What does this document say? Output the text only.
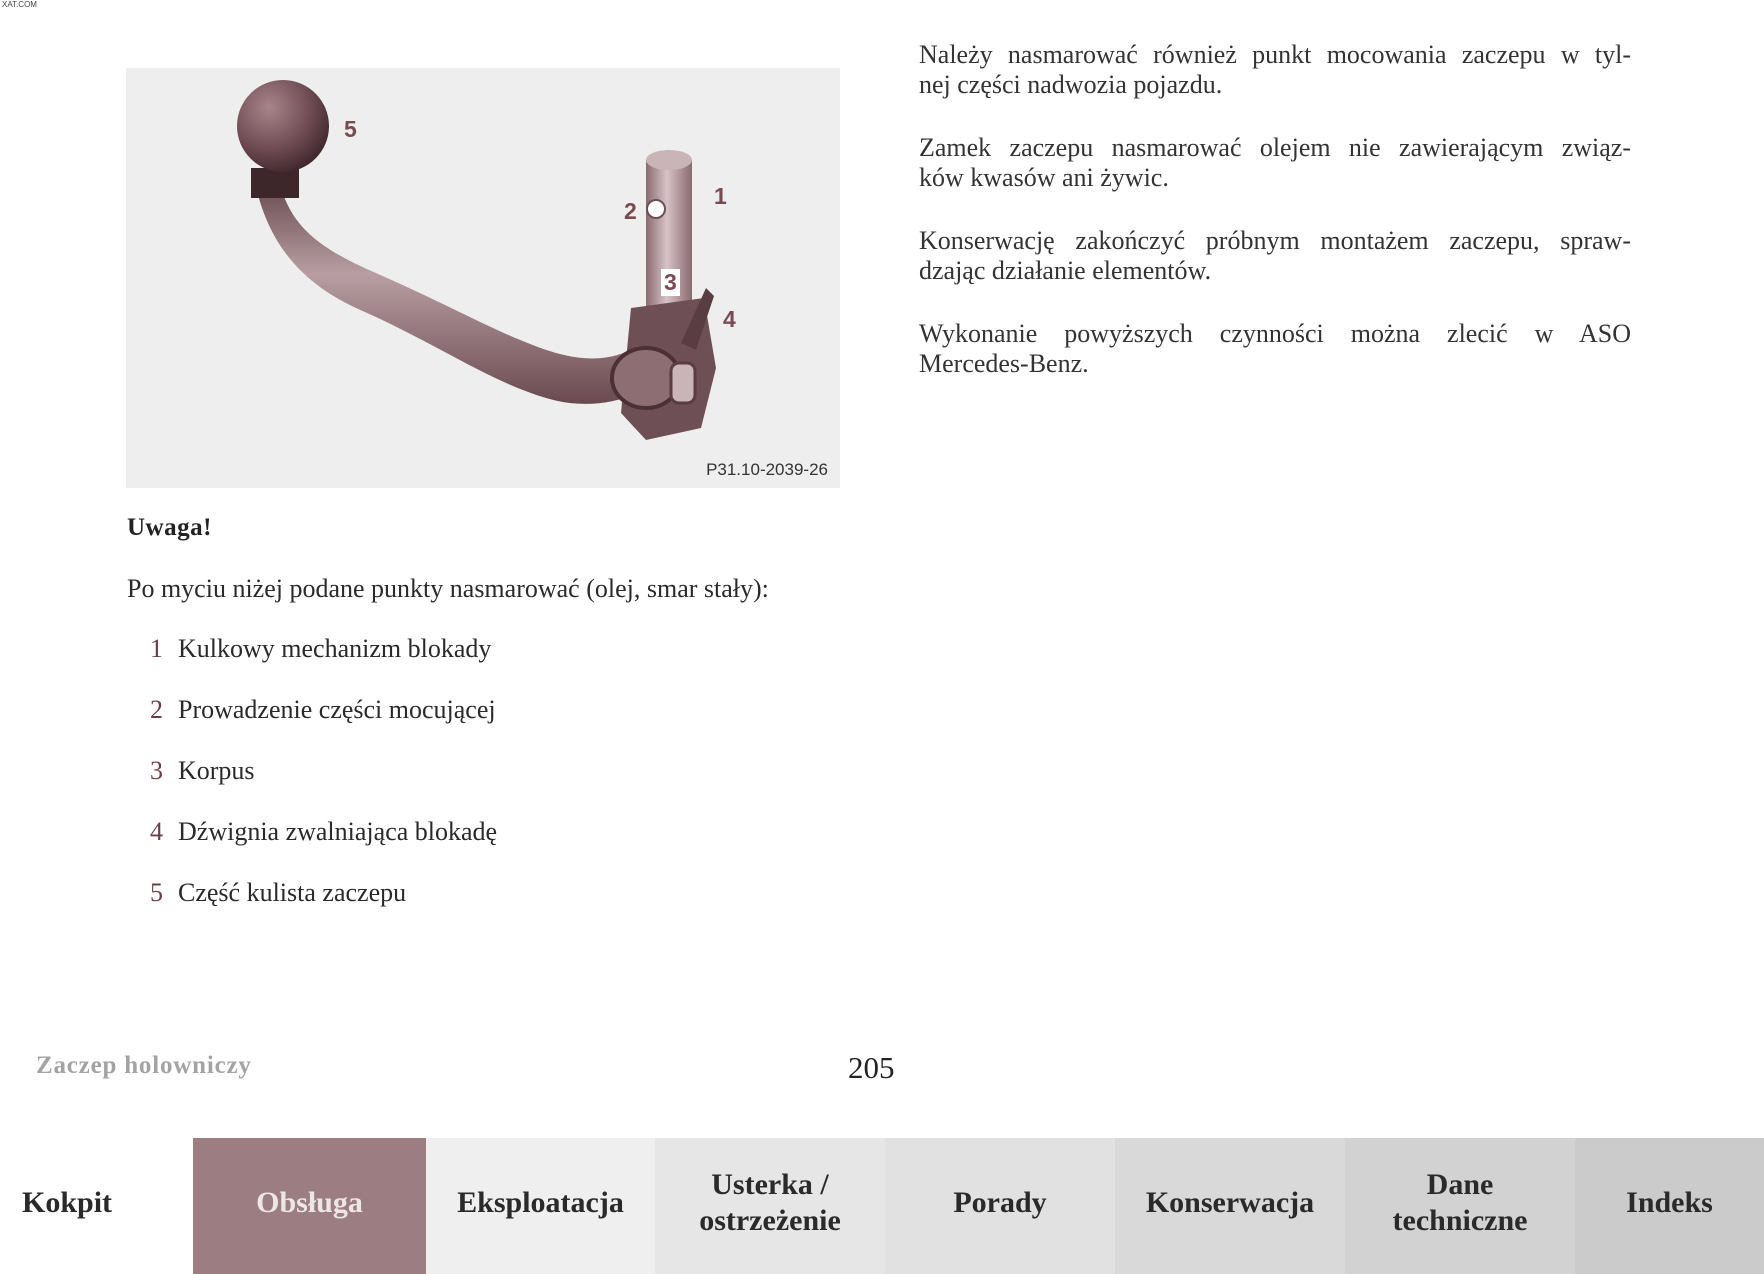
XAT.COM
5
1
2
3
4
P31.10-2039-26
Uwaga!
Po myciu niżej podane punkty nasmarować (olej, smar stały):
1 Kulkowy mechanizm blokady
2 Prowadzenie części mocującej
3 Korpus
4 Dźwignia zwalniająca blokadę
5 Część kulista zaczepu

Należy nasmarować również punkt mocowania zaczepu w tyl-
nej części nadwozia pojazdu.

Zamek zaczepu nasmarować olejem nie zawierającym związ-
ków kwasów ani żywic.

Konserwację zakończyć próbnym montażem zaczepu, spraw-
dzając działanie elementów.

Wykonanie powyższych czynności można zlecić w ASO
Mercedes-Benz.

Zaczep holowniczy	205
Kokpit	Obsługa	Eksploatacja
Usterka /
ostrzeżenie
Porady	Konserwacja
Dane
techniczne
Indeks
